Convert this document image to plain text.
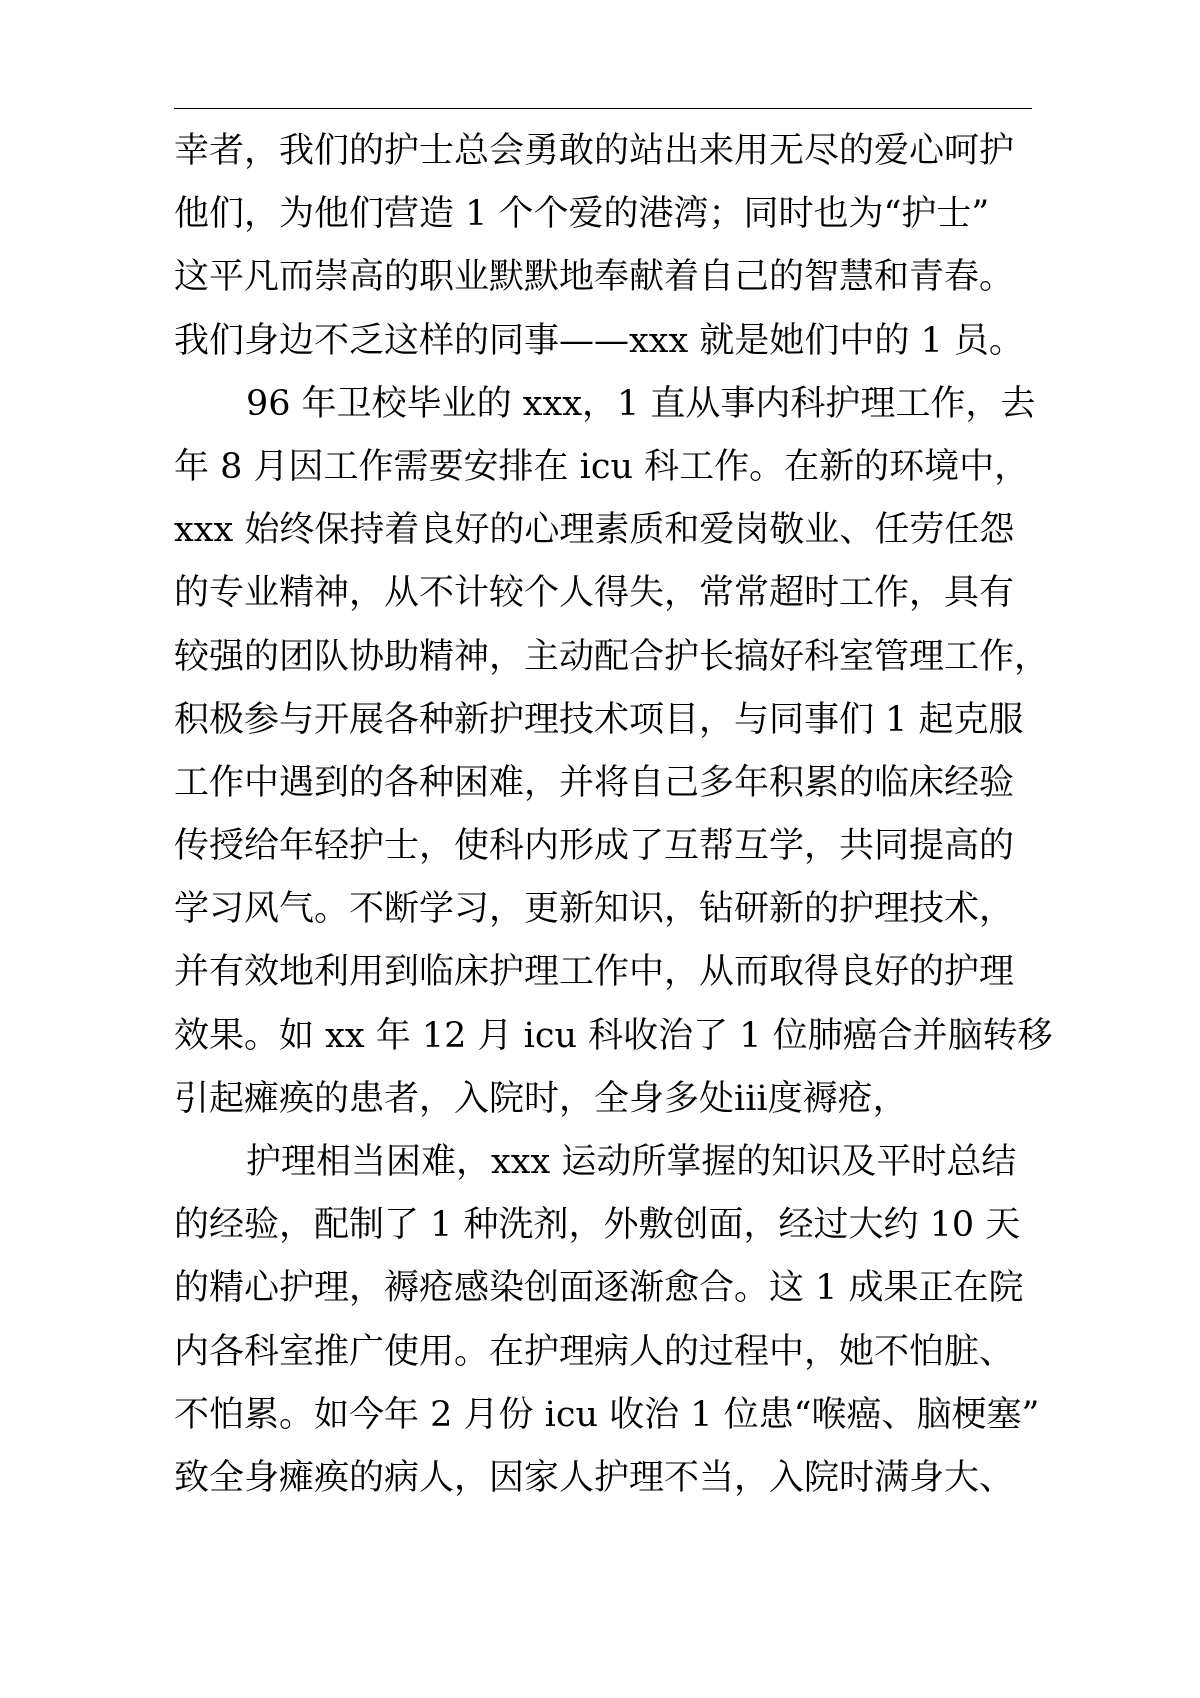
幸者，我们的护士总会勇敢的站出来用无尽的爱心呵护
他们，为他们营造 1 个个爱的港湾；同时也为“护士”
这平凡而崇高的职业默默地奉献着自己的智慧和青春。
我们身边不乏这样的同事——xxx 就是她们中的 1 员。
96 年卫校毕业的 xxx，1 直从事内科护理工作，去
年 8 月因工作需要安排在 icu 科工作。在新的环境中，
xxx 始终保持着良好的心理素质和爱岗敬业、任劳任怨
的专业精神，从不计较个人得失，常常超时工作，具有
较强的团队协助精神，主动配合护长搞好科室管理工作，
积极参与开展各种新护理技术项目，与同事们 1 起克服
工作中遇到的各种困难，并将自己多年积累的临床经验
传授给年轻护士，使科内形成了互帮互学，共同提高的
学习风气。不断学习，更新知识，钻研新的护理技术，
并有效地利用到临床护理工作中，从而取得良好的护理
效果。如 xx 年 12 月 icu 科收治了 1 位肺癌合并脑转移
引起瘫痪的患者，入院时，全身多处iii度褥疮，
护理相当困难，xxx 运动所掌握的知识及平时总结
的经验，配制了 1 种洗剂，外敷创面，经过大约 10 天
的精心护理，褥疮感染创面逐渐愈合。这 1 成果正在院
内各科室推广使用。在护理病人的过程中，她不怕脏、
不怕累。如今年 2 月份 icu 收治 1 位患“喉癌、脑梗塞”
致全身瘫痪的病人，因家人护理不当，入院时满身大、
